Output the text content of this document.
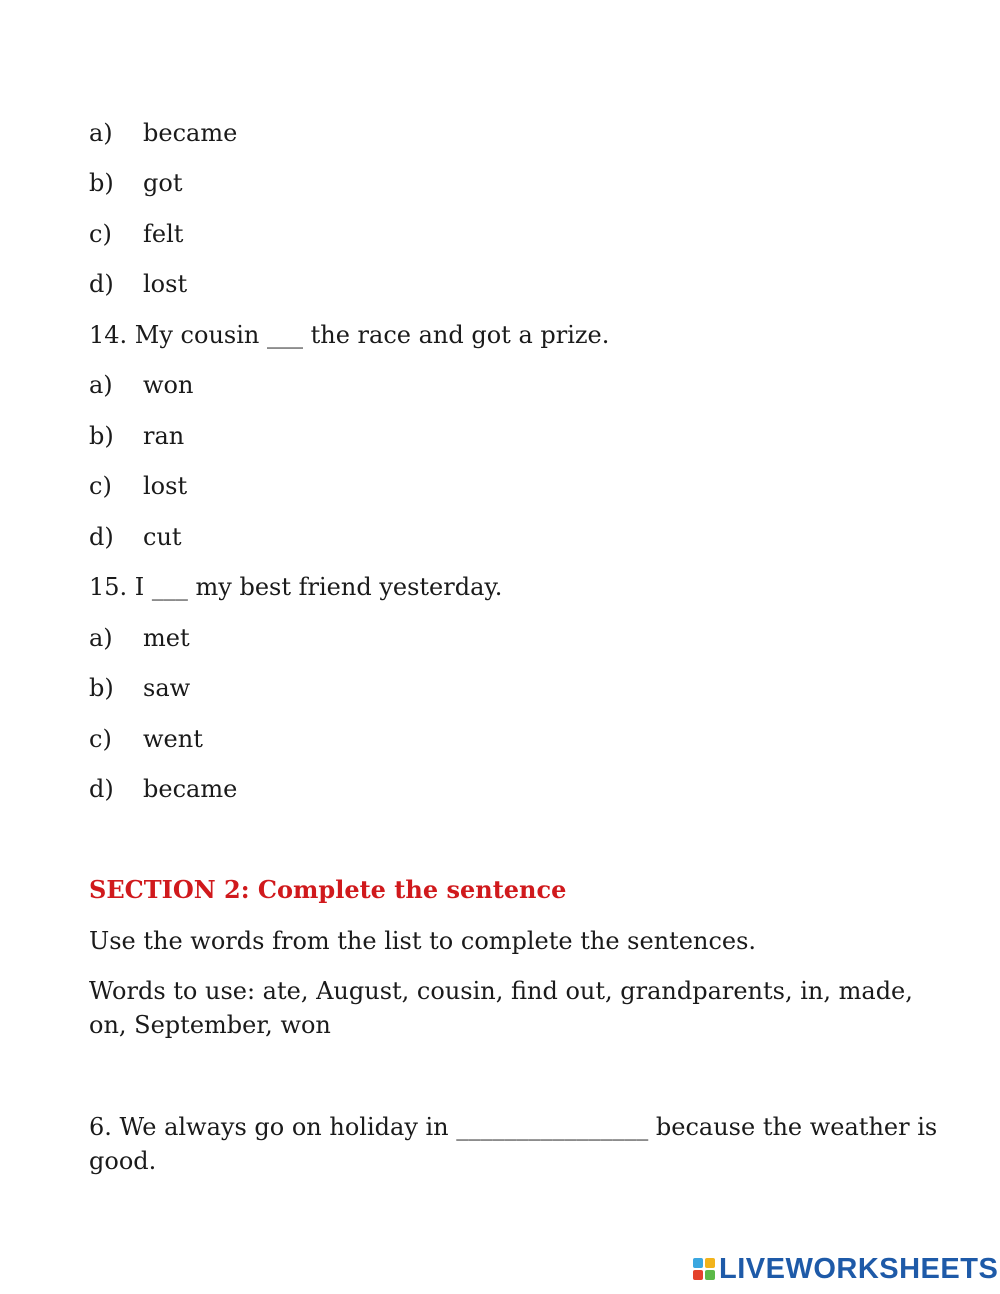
a) became
b) got
c) felt
d) lost
14. My cousin ___ the race and got a prize.
a) won
b) ran
c) lost
d) cut
15. I ___ my best friend yesterday.
a) met
b) saw
c) went
d) became
SECTION 2: Complete the sentence
Use the words from the list to complete the sentences.
Words to use: ate, August, cousin, find out, grandparents, in, made, on, September, won
6. We always go on holiday in ________________ because the weather is good.
LIVEWORKSHEETS
